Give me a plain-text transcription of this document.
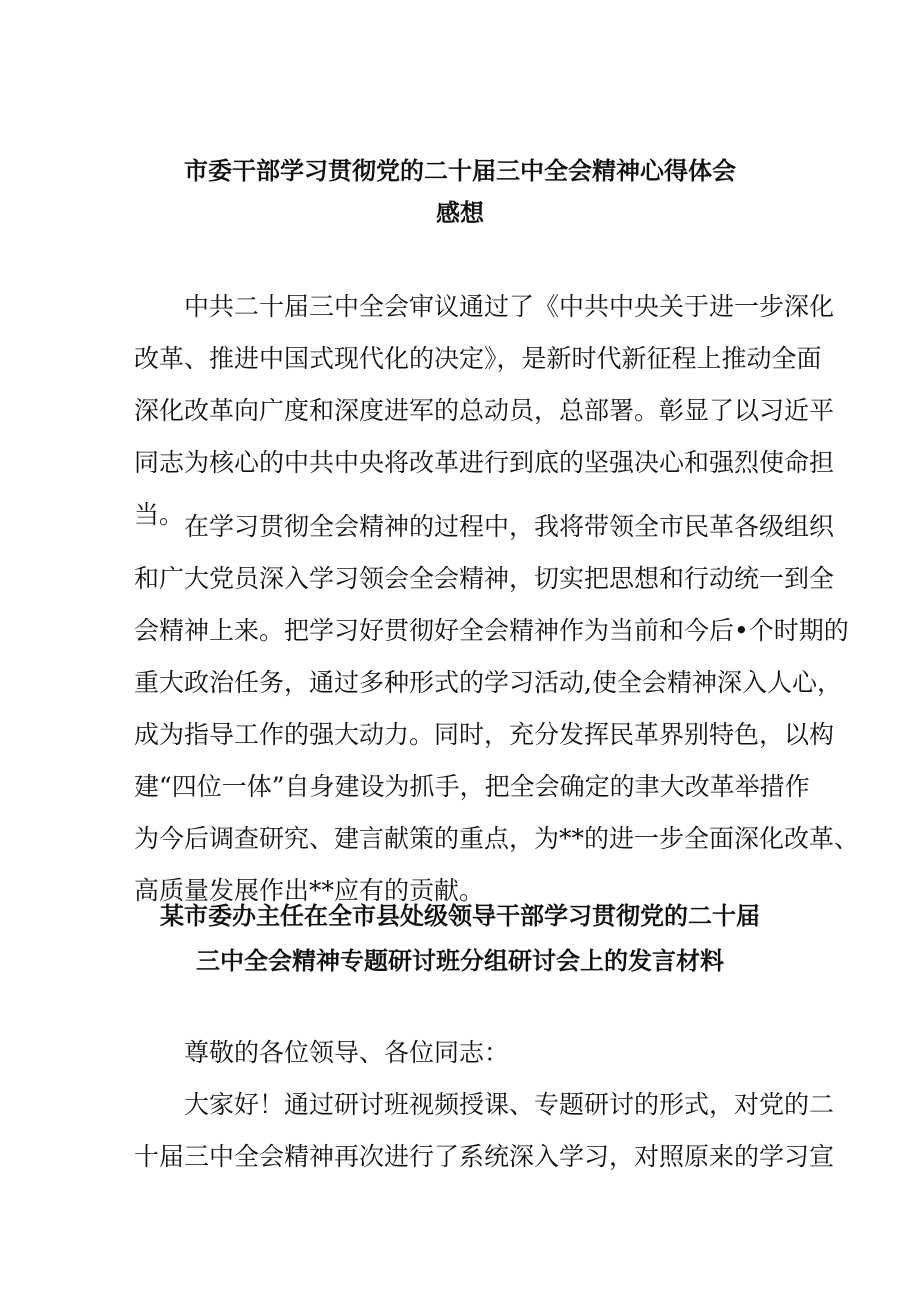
市委干部学习贯彻党的二十届三中全会精神心得体会
感想
中共二十届三中全会审议通过了《中共中央关于进一步深化
改革、推进中国式现代化的决定》，是新时代新征程上推动全面
深化改革向广度和深度进军的总动员，总部署。彰显了以习近平
同志为核心的中共中央将改革进行到底的坚强决心和强烈使命担
当。 在学习贯彻全会精神的过程中，我将带领全市民革各级组织
和广大党员深入学习领会全会精神，切实把思想和行动统一到全
会精神上来。把学习好贯彻好全会精神作为当前和今后•个时期的
重大政治任务，通过多种形式的学习活动,使全会精神深入人心，
成为指导工作的强大动力。同时，充分发挥民革界别特色，以构
建“四位一体”自身建设为抓手，把全会确定的聿大改革举措作
为今后调查研究、建言献策的重点，为**的进一步全面深化改革、
高质量发展作出**应有的贡献。
某市委办主任在全市县处级领导干部学习贯彻党的二十届
三中全会精神专题研讨班分组研讨会上的发言材料
尊敬的各位领导、各位同志：
大家好！通过研讨班视频授课、专题研讨的形式，对党的二
十届三中全会精神再次进行了系统深入学习，对照原来的学习宣
